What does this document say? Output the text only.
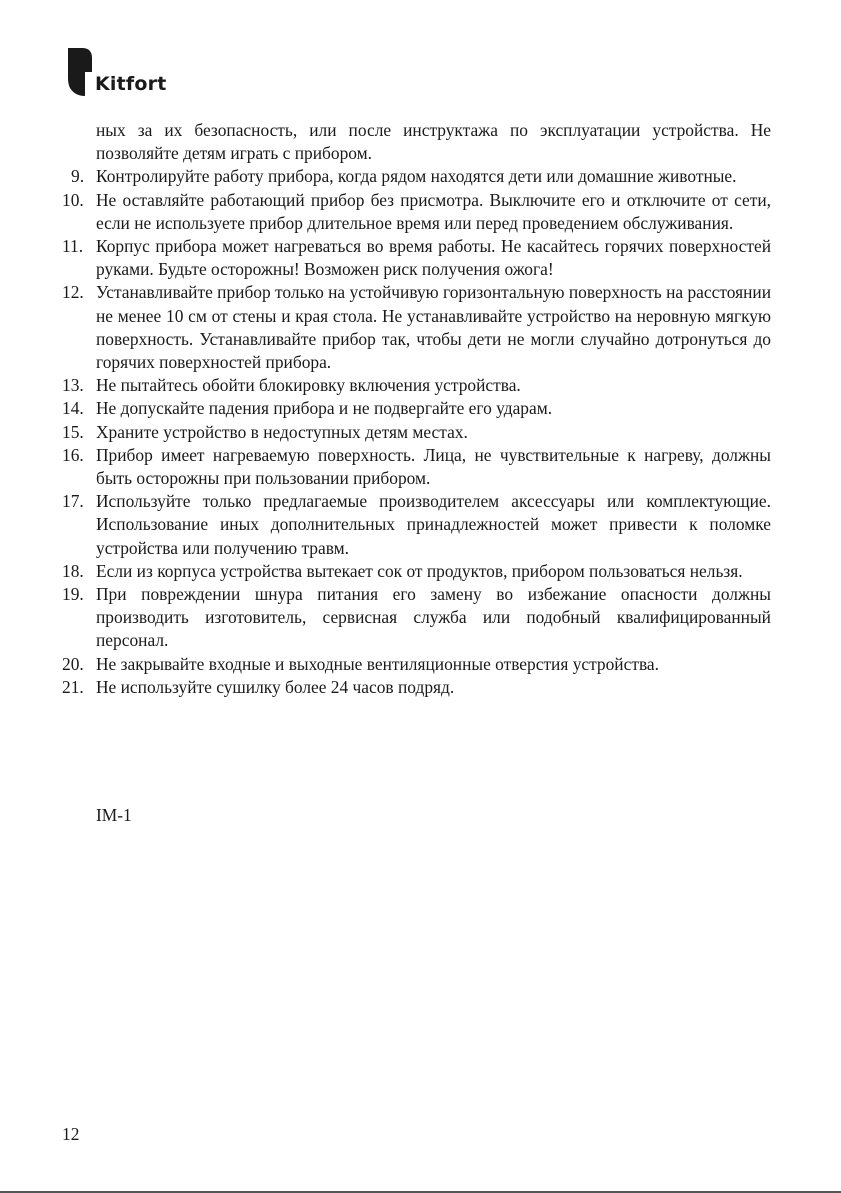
Kitfort
ных за их безопасность, или после инструктажа по эксплуатации устройства. Не позволяйте детям играть с прибором.
9. Контролируйте работу прибора, когда рядом находятся дети или домашние животные.
10. Не оставляйте работающий прибор без присмотра. Выключите его и отключите от сети, если не используете прибор длительное время или перед проведением обслуживания.
11. Корпус прибора может нагреваться во время работы. Не касайтесь горячих поверхностей руками. Будьте осторожны! Возможен риск получения ожога!
12. Устанавливайте прибор только на устойчивую горизонтальную поверхность на расстоянии не менее 10 см от стены и края стола. Не устанавливайте устройство на неровную мягкую поверхность. Устанавливайте прибор так, чтобы дети не могли случайно дотронуться до горячих поверхностей прибора.
13. Не пытайтесь обойти блокировку включения устройства.
14. Не допускайте падения прибора и не подвергайте его ударам.
15. Храните устройство в недоступных детям местах.
16. Прибор имеет нагреваемую поверхность. Лица, не чувствительные к нагреву, должны быть осторожны при пользовании прибором.
17. Используйте только предлагаемые производителем аксессуары или комплектующие. Использование иных дополнительных принадлежностей может привести к поломке устройства или получению травм.
18. Если из корпуса устройства вытекает сок от продуктов, прибором пользоваться нельзя.
19. При повреждении шнура питания его замену во избежание опасности должны производить изготовитель, сервисная служба или подобный квалифицированный персонал.
20. Не закрывайте входные и выходные вентиляционные отверстия устройства.
21. Не используйте сушилку более 24 часов подряд.
IM-1
12
